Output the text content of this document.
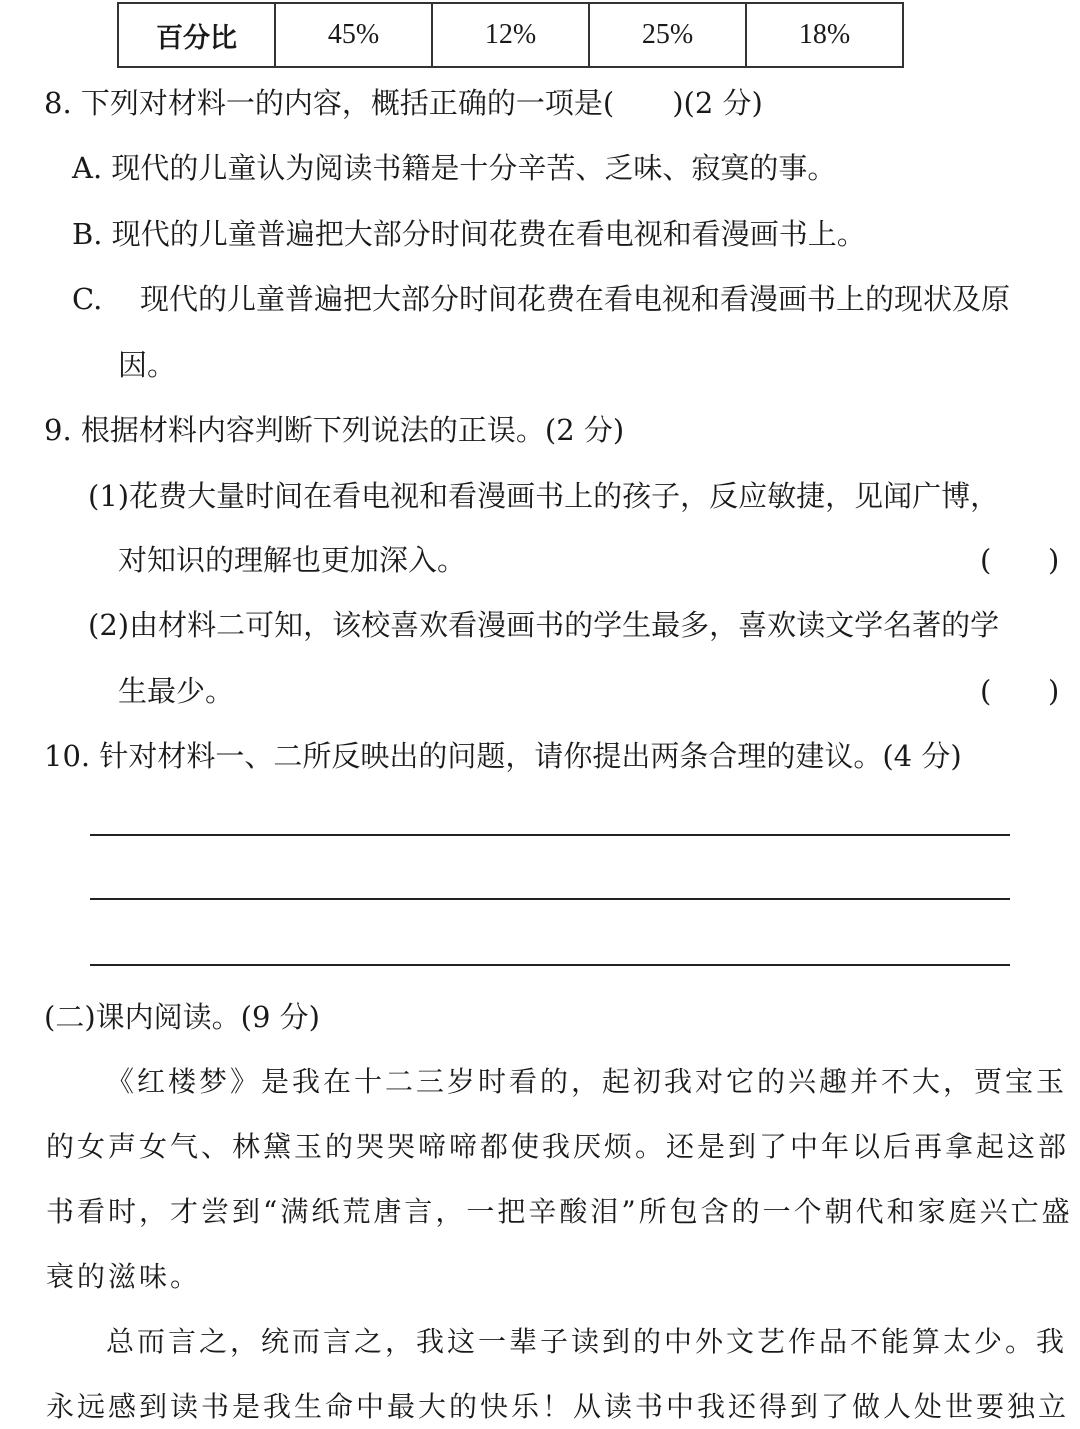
百分比	45%	12%	25%	18%
8. 下列对材料一的内容，概括正确的一项是(　　)(2 分)
A. 现代的儿童认为阅读书籍是十分辛苦、乏味、寂寞的事。
B. 现代的儿童普遍把大部分时间花费在看电视和看漫画书上。
C. 现代的儿童普遍把大部分时间花费在看电视和看漫画书上的现状及原
因。
9. 根据材料内容判断下列说法的正误。(2 分)
(1)花费大量时间在看电视和看漫画书上的孩子，反应敏捷，见闻广博，
对知识的理解也更加深入。	( )
(2)由材料二可知，该校喜欢看漫画书的学生最多，喜欢读文学名著的学
生最少。	( )
10. 针对材料一、二所反映出的问题，请你提出两条合理的建议。(4 分)
(二)课内阅读。(9 分)
《红楼梦》是我在十二三岁时看的，起初我对它的兴趣并不大，贾宝玉
的女声女气、林黛玉的哭哭啼啼都使我厌烦。还是到了中年以后再拿起这部
书看时，才尝到“满纸荒唐言，一把辛酸泪”所包含的一个朝代和家庭兴亡盛
衰的滋味。
总而言之，统而言之，我这一辈子读到的中外文艺作品不能算太少。我
永远感到读书是我生命中最大的快乐！从读书中我还得到了做人处世要独立
